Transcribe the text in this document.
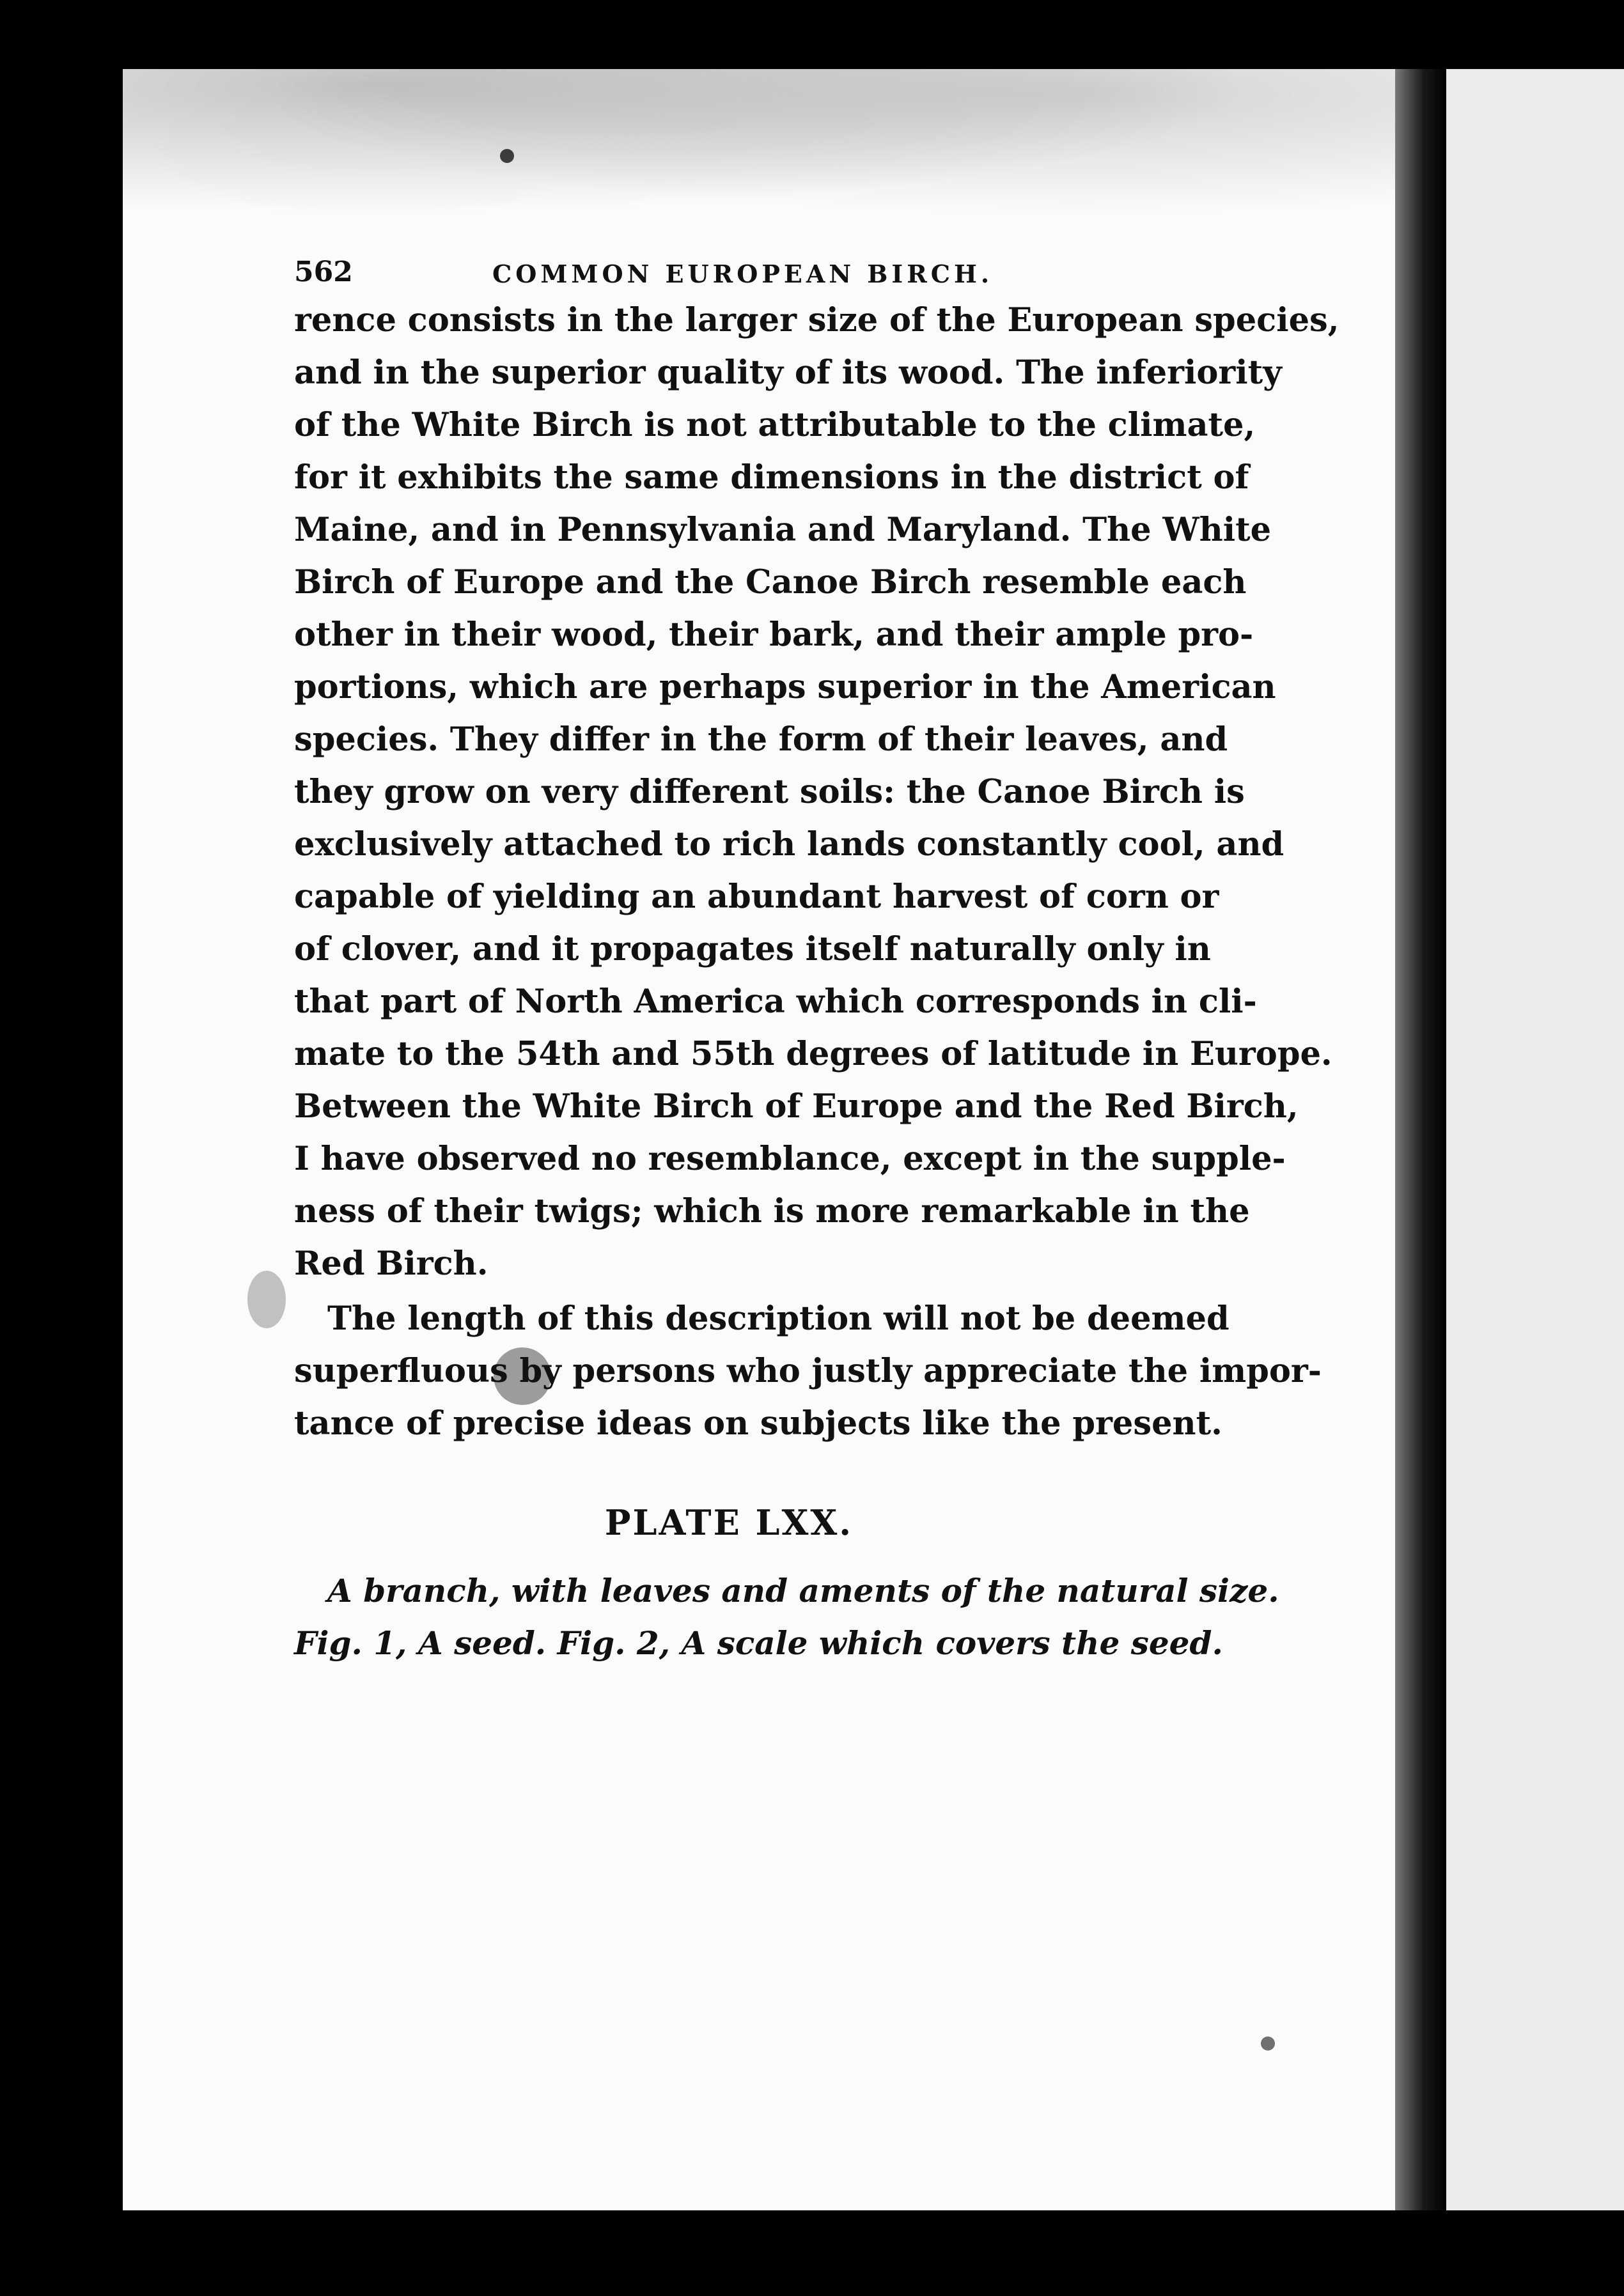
562	COMMON EUROPEAN BIRCH.
rence consists in the larger size of the European species,
and in the superior quality of its wood. The inferiority
of the White Birch is not attributable to the climate,
for it exhibits the same dimensions in the district of
Maine, and in Pennsylvania and Maryland. The White
Birch of Europe and the Canoe Birch resemble each
other in their wood, their bark, and their ample pro-
portions, which are perhaps superior in the American
species. They differ in the form of their leaves, and
they grow on very different soils: the Canoe Birch is
exclusively attached to rich lands constantly cool, and
capable of yielding an abundant harvest of corn or
of clover, and it propagates itself naturally only in
that part of North America which corresponds in cli-
mate to the 54th and 55th degrees of latitude in Europe.
Between the White Birch of Europe and the Red Birch,
I have observed no resemblance, except in the supple-
ness of their twigs; which is more remarkable in the
Red Birch.
The length of this description will not be deemed
superfluous by persons who justly appreciate the impor-
tance of precise ideas on subjects like the present.
PLATE LXX.
A branch, with leaves and aments of the natural size.
Fig. 1, A seed. Fig. 2, A scale which covers the seed.
